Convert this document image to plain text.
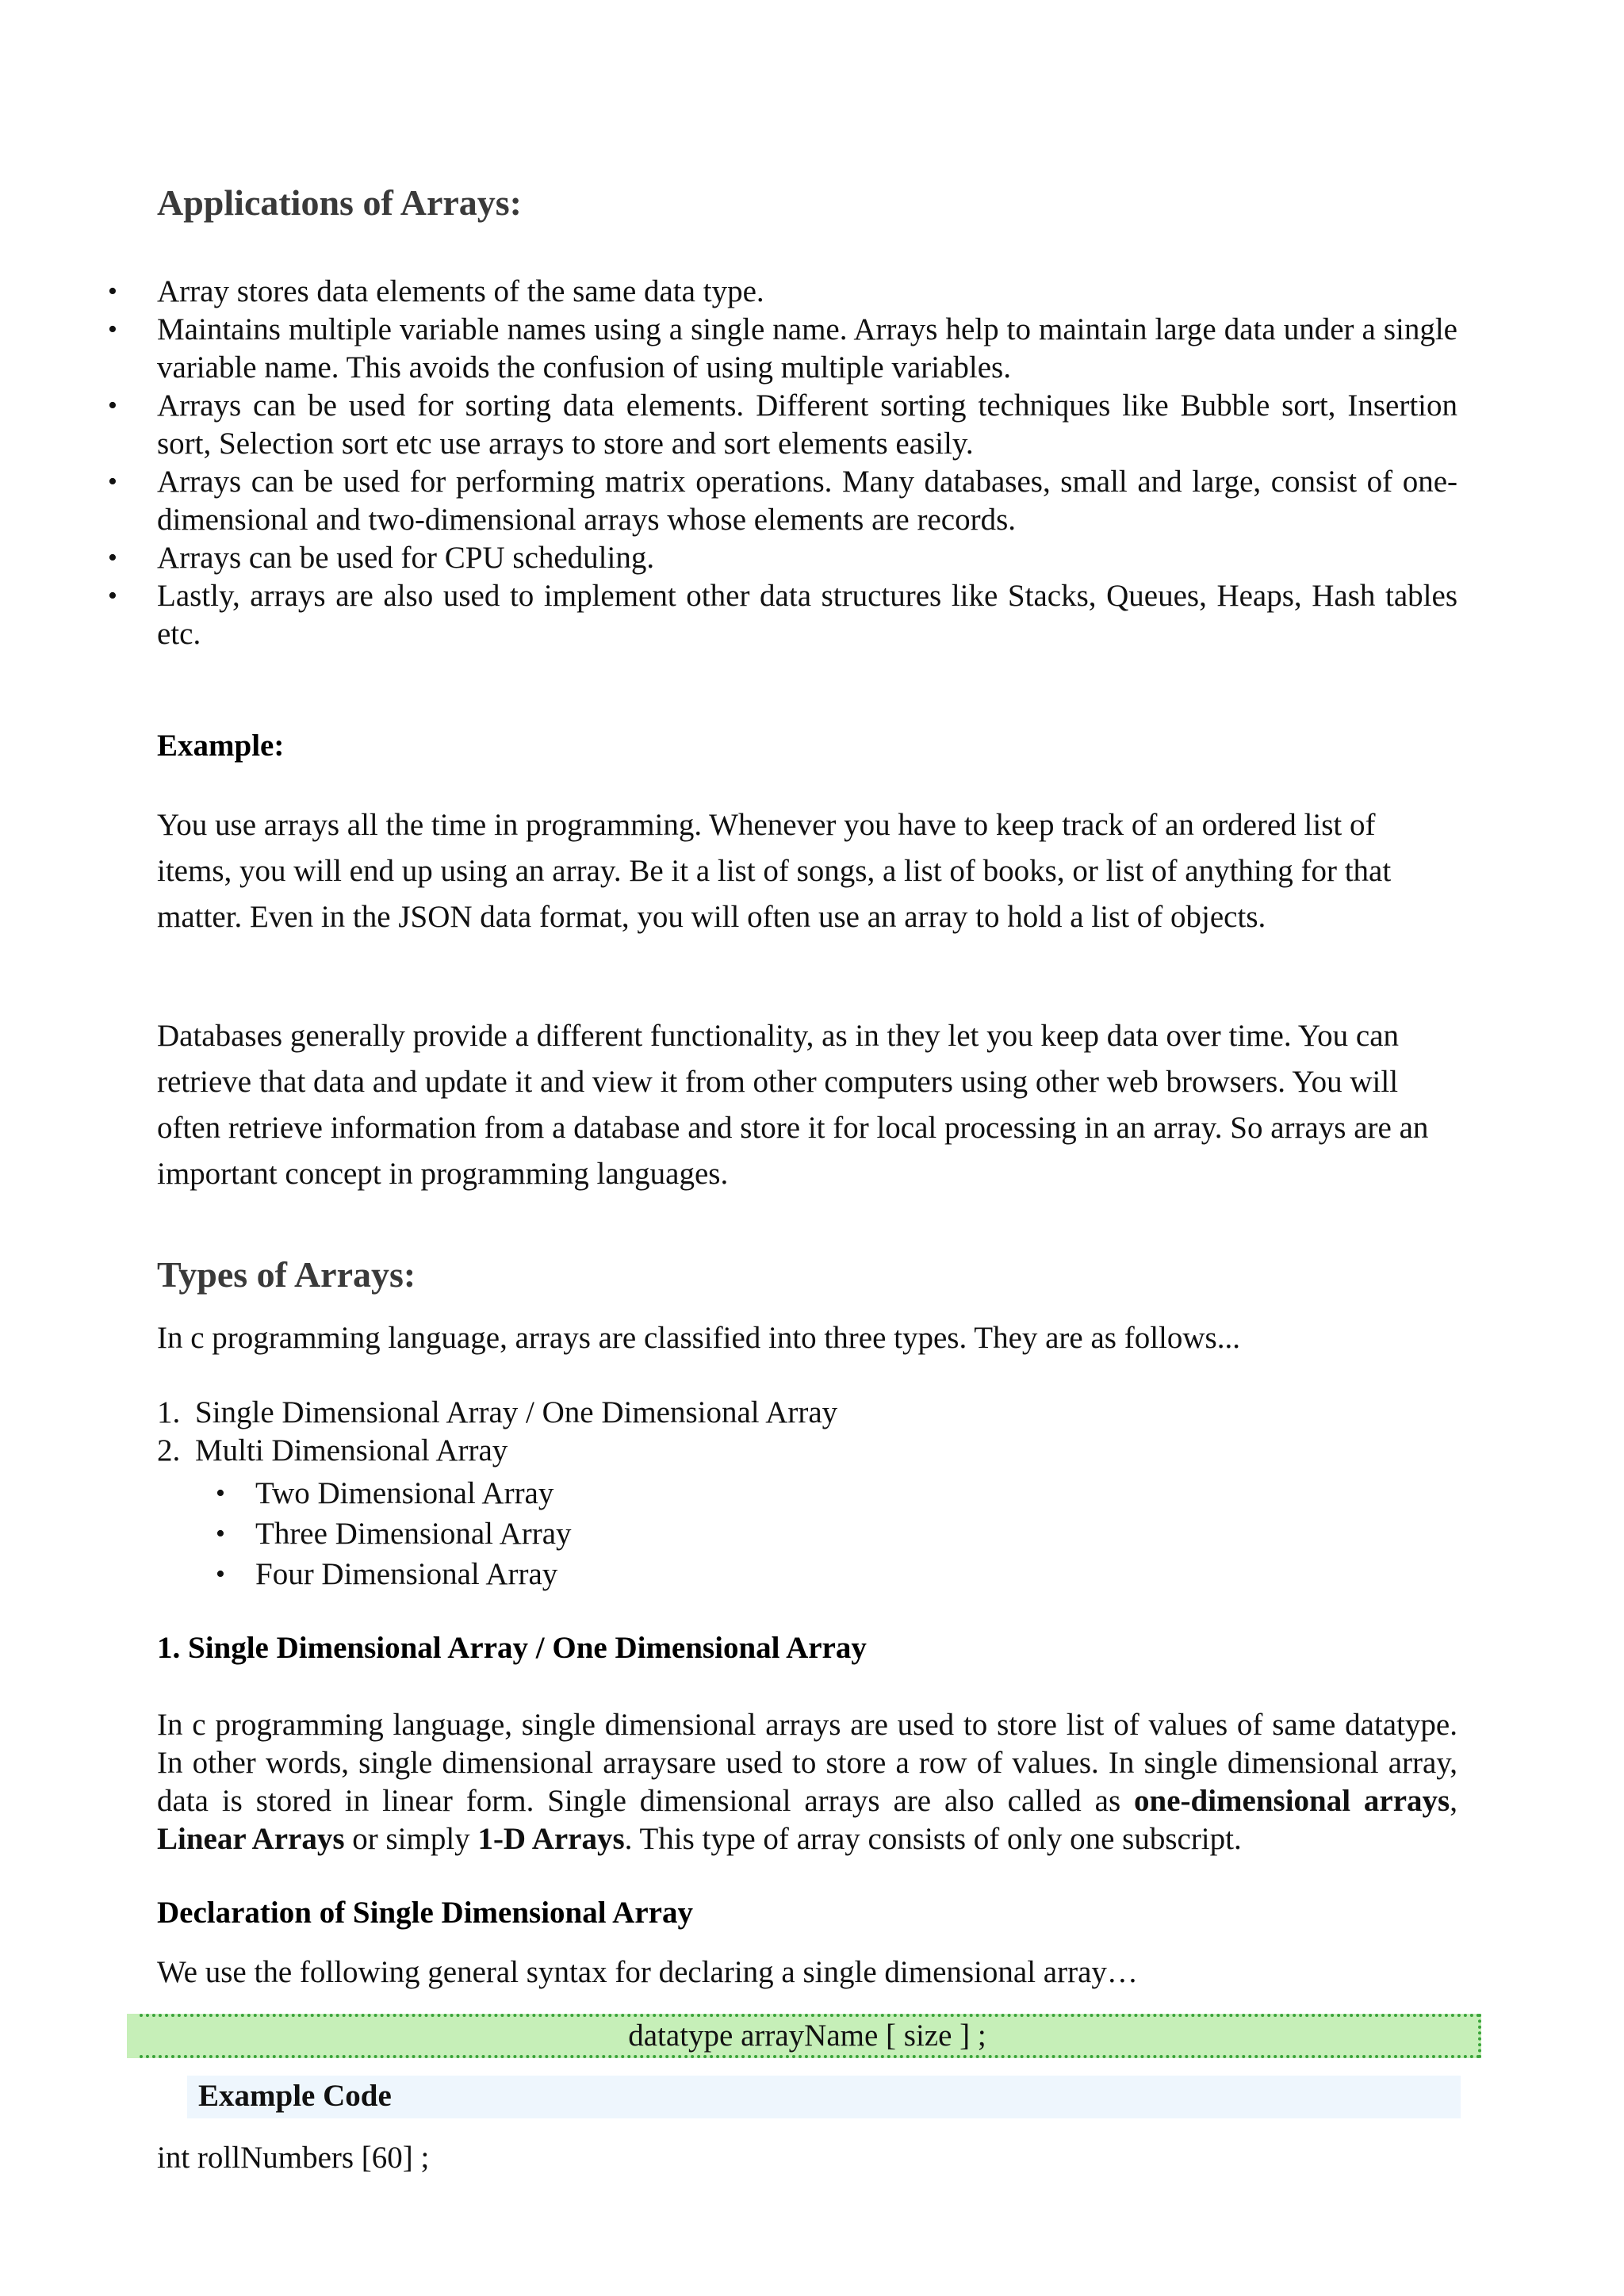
Applications of Arrays:
• Array stores data elements of the same data type.
• Maintains multiple variable names using a single name. Arrays help to maintain large data under a single variable name. This avoids the confusion of using multiple variables.
• Arrays can be used for sorting data elements. Different sorting techniques like Bubble sort, Insertion sort, Selection sort etc use arrays to store and sort elements easily.
• Arrays can be used for performing matrix operations. Many databases, small and large, consist of one-dimensional and two-dimensional arrays whose elements are records.
• Arrays can be used for CPU scheduling.
• Lastly, arrays are also used to implement other data structures like Stacks, Queues, Heaps, Hash tables etc.
Example:

You use arrays all the time in programming. Whenever you have to keep track of an ordered list of items, you will end up using an array. Be it a list of songs, a list of books, or list of anything for that matter. Even in the JSON data format, you will often use an array to hold a list of objects.

Databases generally provide a different functionality, as in they let you keep data over time. You can retrieve that data and update it and view it from other computers using other web browsers. You will often retrieve information from a database and store it for local processing in an array. So arrays are an important concept in programming languages.

Types of Arrays:

In c programming language, arrays are classified into three types. They are as follows...

1. Single Dimensional Array / One Dimensional Array
2. Multi Dimensional Array
• Two Dimensional Array
• Three Dimensional Array
• Four Dimensional Array
1. Single Dimensional Array / One Dimensional Array

In c programming language, single dimensional arrays are used to store list of values of same datatype. In other words, single dimensional arraysare used to store a row of values. In single dimensional array, data is stored in linear form. Single dimensional arrays are also called as one-dimensional arrays, Linear Arrays or simply 1-D Arrays. This type of array consists of only one subscript.

Declaration of Single Dimensional Array

We use the following general syntax for declaring a single dimensional array…

datatype arrayName [ size ] ;
Example Code

int rollNumbers [60] ;
